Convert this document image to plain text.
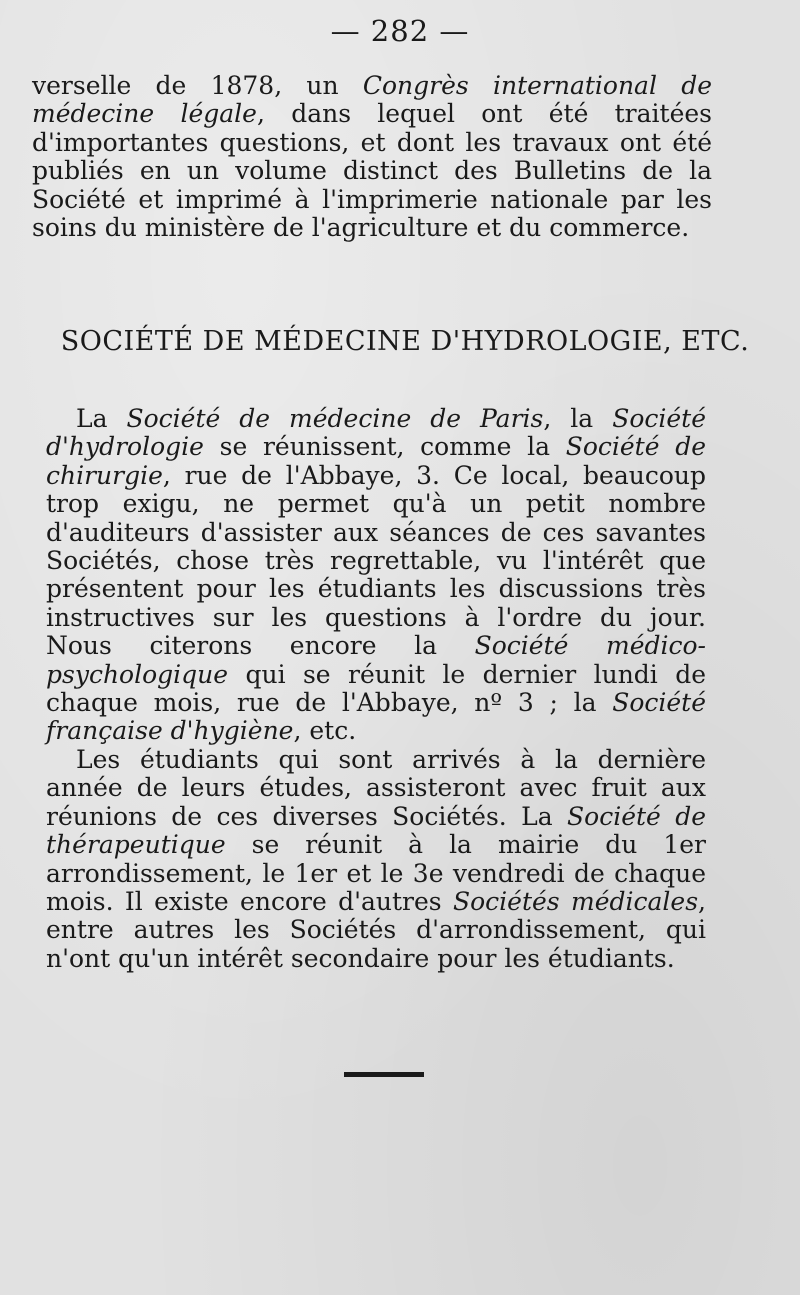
— 282 —

verselle de 1878, un Congrès international de médecine légale, dans lequel ont été traitées d'importantes questions, et dont les travaux ont été publiés en un volume distinct des Bulletins de la Société et imprimé à l'imprimerie nationale par les soins du ministère de l'agriculture et du commerce.

SOCIÉTÉ DE MÉDECINE D'HYDROLOGIE, ETC.

La Société de médecine de Paris, la Société d'hydrologie se réunissent, comme la Société de chirurgie, rue de l'Abbaye, 3. Ce local, beaucoup trop exigu, ne permet qu'à un petit nombre d'auditeurs d'assister aux séances de ces savantes Sociétés, chose très regrettable, vu l'intérêt que présentent pour les étudiants les discussions très instructives sur les questions à l'ordre du jour. Nous citerons encore la Société médico-psychologique qui se réunit le dernier lundi de chaque mois, rue de l'Abbaye, nº 3 ; la Société française d'hygiène, etc.

Les étudiants qui sont arrivés à la dernière année de leurs études, assisteront avec fruit aux réunions de ces diverses Sociétés. La Société de thérapeutique se réunit à la mairie du 1er arrondissement, le 1er et le 3e vendredi de chaque mois. Il existe encore d'autres Sociétés médicales, entre autres les Sociétés d'arrondissement, qui n'ont qu'un intérêt secondaire pour les étudiants.
